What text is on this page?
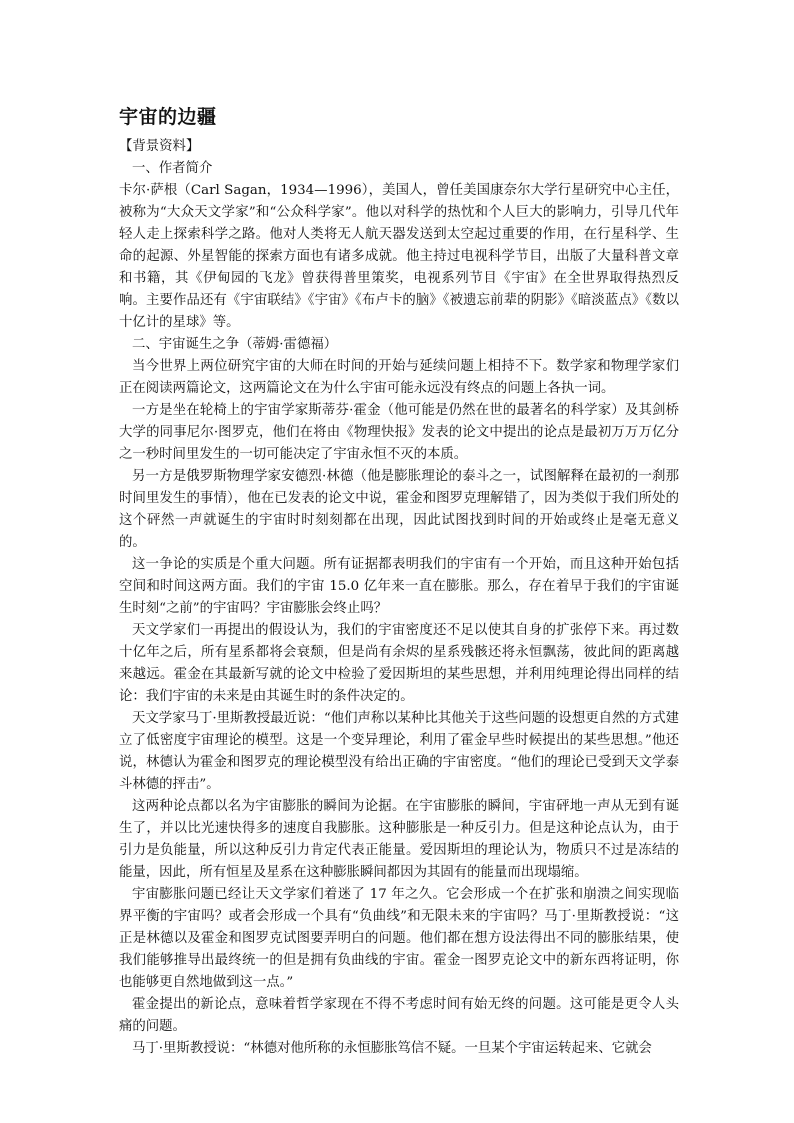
宇宙的边疆

【背景资料】

一、作者简介

卡尔·萨根（Carl Sagan，1934—1996），美国人，曾任美国康奈尔大学行星研究中心主任，被称为“大众天文学家”和“公众科学家”。他以对科学的热忱和个人巨大的影响力，引导几代年轻人走上探索科学之路。他对人类将无人航天器发送到太空起过重要的作用，在行星科学、生命的起源、外星智能的探索方面也有诸多成就。他主持过电视科学节目，出版了大量科普文章和书籍，其《伊甸园的飞龙》曾获得普里策奖，电视系列节目《宇宙》在全世界取得热烈反响。主要作品还有《宇宙联结》《宇宙》《布卢卡的脑》《被遗忘前辈的阴影》《暗淡蓝点》《数以十亿计的星球》等。

二、宇宙诞生之争（蒂姆·雷德福）

当今世界上两位研究宇宙的大师在时间的开始与延续问题上相持不下。数学家和物理学家们正在阅读两篇论文，这两篇论文在为什么宇宙可能永远没有终点的问题上各执一词。

一方是坐在轮椅上的宇宙学家斯蒂芬·霍金（他可能是仍然在世的最著名的科学家）及其剑桥大学的同事尼尔·图罗克，他们在将由《物理快报》发表的论文中提出的论点是最初万万万亿分之一秒时间里发生的一切可能决定了宇宙永恒不灭的本质。

另一方是俄罗斯物理学家安德烈·林德（他是膨胀理论的泰斗之一，试图解释在最初的一刹那时间里发生的事情），他在已发表的论文中说，霍金和图罗克理解错了，因为类似于我们所处的这个砰然一声就诞生的宇宙时时刻刻都在出现，因此试图找到时间的开始或终止是毫无意义的。

这一争论的实质是个重大问题。所有证据都表明我们的宇宙有一个开始，而且这种开始包括空间和时间这两方面。我们的宇宙 15.0 亿年来一直在膨胀。那么，存在着早于我们的宇宙诞生时刻“之前”的宇宙吗？宇宙膨胀会终止吗？

天文学家们一再提出的假设认为，我们的宇宙密度还不足以使其自身的扩张停下来。再过数十亿年之后，所有星系都将会衰颓，但是尚有余烬的星系残骸还将永恒飘荡，彼此间的距离越来越远。霍金在其最新写就的论文中检验了爱因斯坦的某些思想，并利用纯理论得出同样的结论：我们宇宙的未来是由其诞生时的条件决定的。

天文学家马丁·里斯教授最近说：“他们声称以某种比其他关于这些问题的设想更自然的方式建立了低密度宇宙理论的模型。这是一个变异理论，利用了霍金早些时候提出的某些思想。”他还说，林德认为霍金和图罗克的理论模型没有给出正确的宇宙密度。“他们的理论已受到天文学泰斗林德的抨击”。

这两种论点都以名为宇宙膨胀的瞬间为论据。在宇宙膨胀的瞬间，宇宙砰地一声从无到有诞生了，并以比光速快得多的速度自我膨胀。这种膨胀是一种反引力。但是这种论点认为，由于引力是负能量，所以这种反引力肯定代表正能量。爱因斯坦的理论认为，物质只不过是冻结的能量，因此，所有恒星及星系在这种膨胀瞬间都因为其固有的能量而出现塌缩。

宇宙膨胀问题已经让天文学家们着迷了 17 年之久。它会形成一个在扩张和崩溃之间实现临界平衡的宇宙吗？或者会形成一个具有“负曲线”和无限未来的宇宙吗？马丁·里斯教授说：“这正是林德以及霍金和图罗克试图要弄明白的问题。他们都在想方设法得出不同的膨胀结果，使我们能够推导出最终统一的但是拥有负曲线的宇宙。霍金一图罗克论文中的新东西将证明，你也能够更自然地做到这一点。”

霍金提出的新论点，意味着哲学家现在不得不考虑时间有始无终的问题。这可能是更令人头痛的问题。

马丁·里斯教授说：“林德对他所称的永恒膨胀笃信不疑。一旦某个宇宙运转起来、它就会
